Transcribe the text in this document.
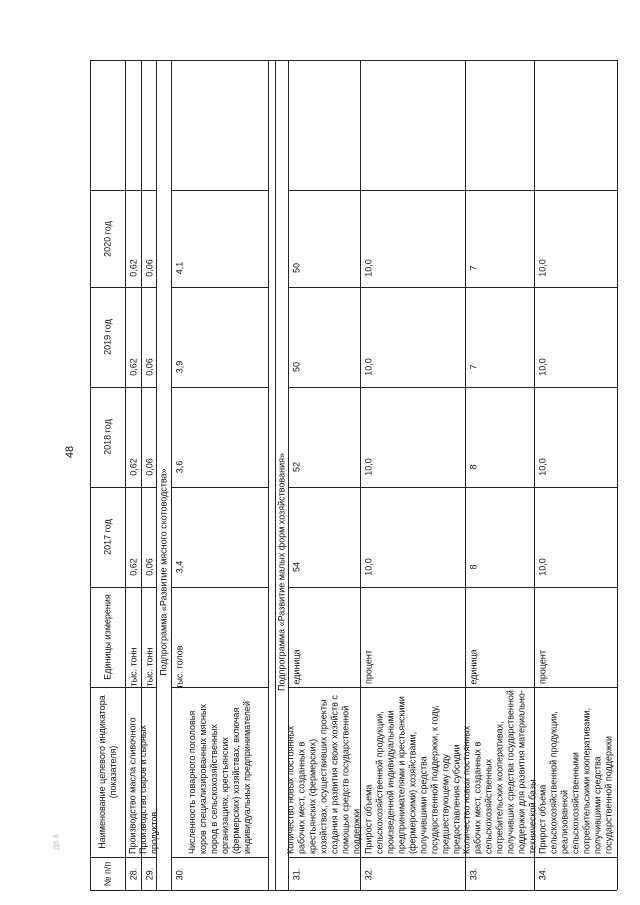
48
ДВ 8
№ п/п
Наименование целевого индикатора (показателя)
Единицы измерения
2017 год
2018 год
2019 год
2020 год
28.
Производство масла сливочного
тыс. тонн
0,62
0,62
0,62
0,62
29.
Производство сыров и сырных продуктов
тыс. тонн
0,06
0,06
0,06
0,06
Подпрограмма «Развитие мясного скотоводства»
30.
Численность товарного поголовья коров специализированных мясных пород в сельскохозяйственных организациях, крестьянских (фермерских) хозяйствах, включая индивидуальных предпринимателей
тыс. голов
3,4
3,6
3,9
4,1
Подпрограмма «Развитие малых форм хозяйствования»
31.
Количество новых постоянных рабочих мест, созданных в крестьянских (фермерских) хозяйствах, осуществивших проекты создания и развития своих хозяйств с помощью средств государственной поддержки
единица
54
52
50
50
32.
Прирост объема сельскохозяйственной продукции, произведенной индивидуальными предпринимателями и крестьянскими (фермерскими) хозяйствами, получившими средства государственной поддержки, к году, предшествующему году предоставления субсидии
процент
10,0
10,0
10,0
10,0
33.
Количество новых постоянных рабочих мест, созданных в сельскохозяйственных потребительских кооперативах, получивших средства государственной поддержки для развития материально-технической базы
единица
8
8
7
7
34.
Прирост объема сельскохозяйственной продукции, реализованной сельскохозяйственными потребительскими кооперативами, получившими средства государственной поддержки
процент
10,0
10,0
10,0
10,0
